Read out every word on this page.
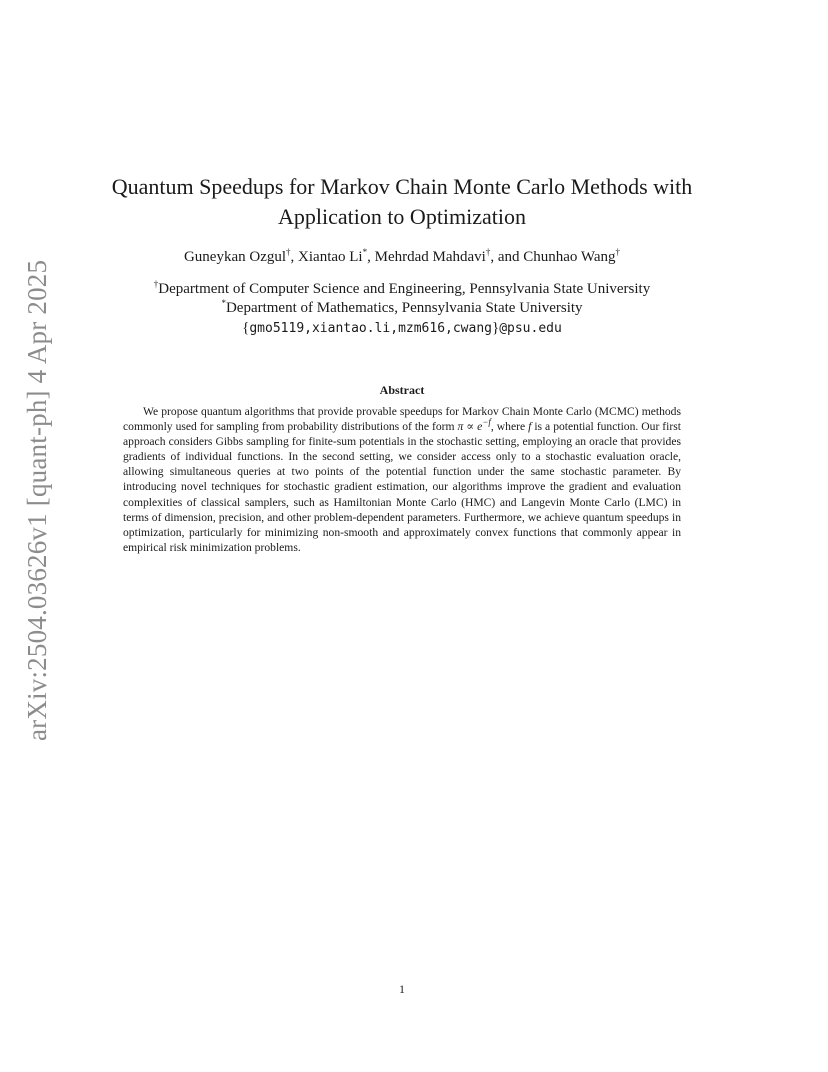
arXiv:2504.03626v1 [quant-ph] 4 Apr 2025
Quantum Speedups for Markov Chain Monte Carlo Methods with
Application to Optimization
Guneykan Ozgul†, Xiantao Li*, Mehrdad Mahdavi†, and Chunhao Wang†
†Department of Computer Science and Engineering, Pennsylvania State University
*Department of Mathematics, Pennsylvania State University
{gmo5119,xiantao.li,mzm616,cwang}@psu.edu
Abstract
We propose quantum algorithms that provide provable speedups for Markov Chain Monte Carlo (MCMC) methods commonly used for sampling from probability distributions of the form $\pi \propto e^{-f}$, where f is a potential function. Our first approach considers Gibbs sampling for finite-sum potentials in the stochastic setting, employing an oracle that provides gradients of individual functions. In the second setting, we consider access only to a stochastic evaluation oracle, allowing simultaneous queries at two points of the potential function under the same stochastic parameter. By introducing novel techniques for stochastic gradient estimation, our algorithms improve the gradient and evaluation complexities of classical samplers, such as Hamiltonian Monte Carlo (HMC) and Langevin Monte Carlo (LMC) in terms of dimension, precision, and other problem-dependent parameters. Furthermore, we achieve quantum speedups in optimization, particularly for minimizing non-smooth and approximately convex functions that commonly appear in empirical risk minimization problems.
1
